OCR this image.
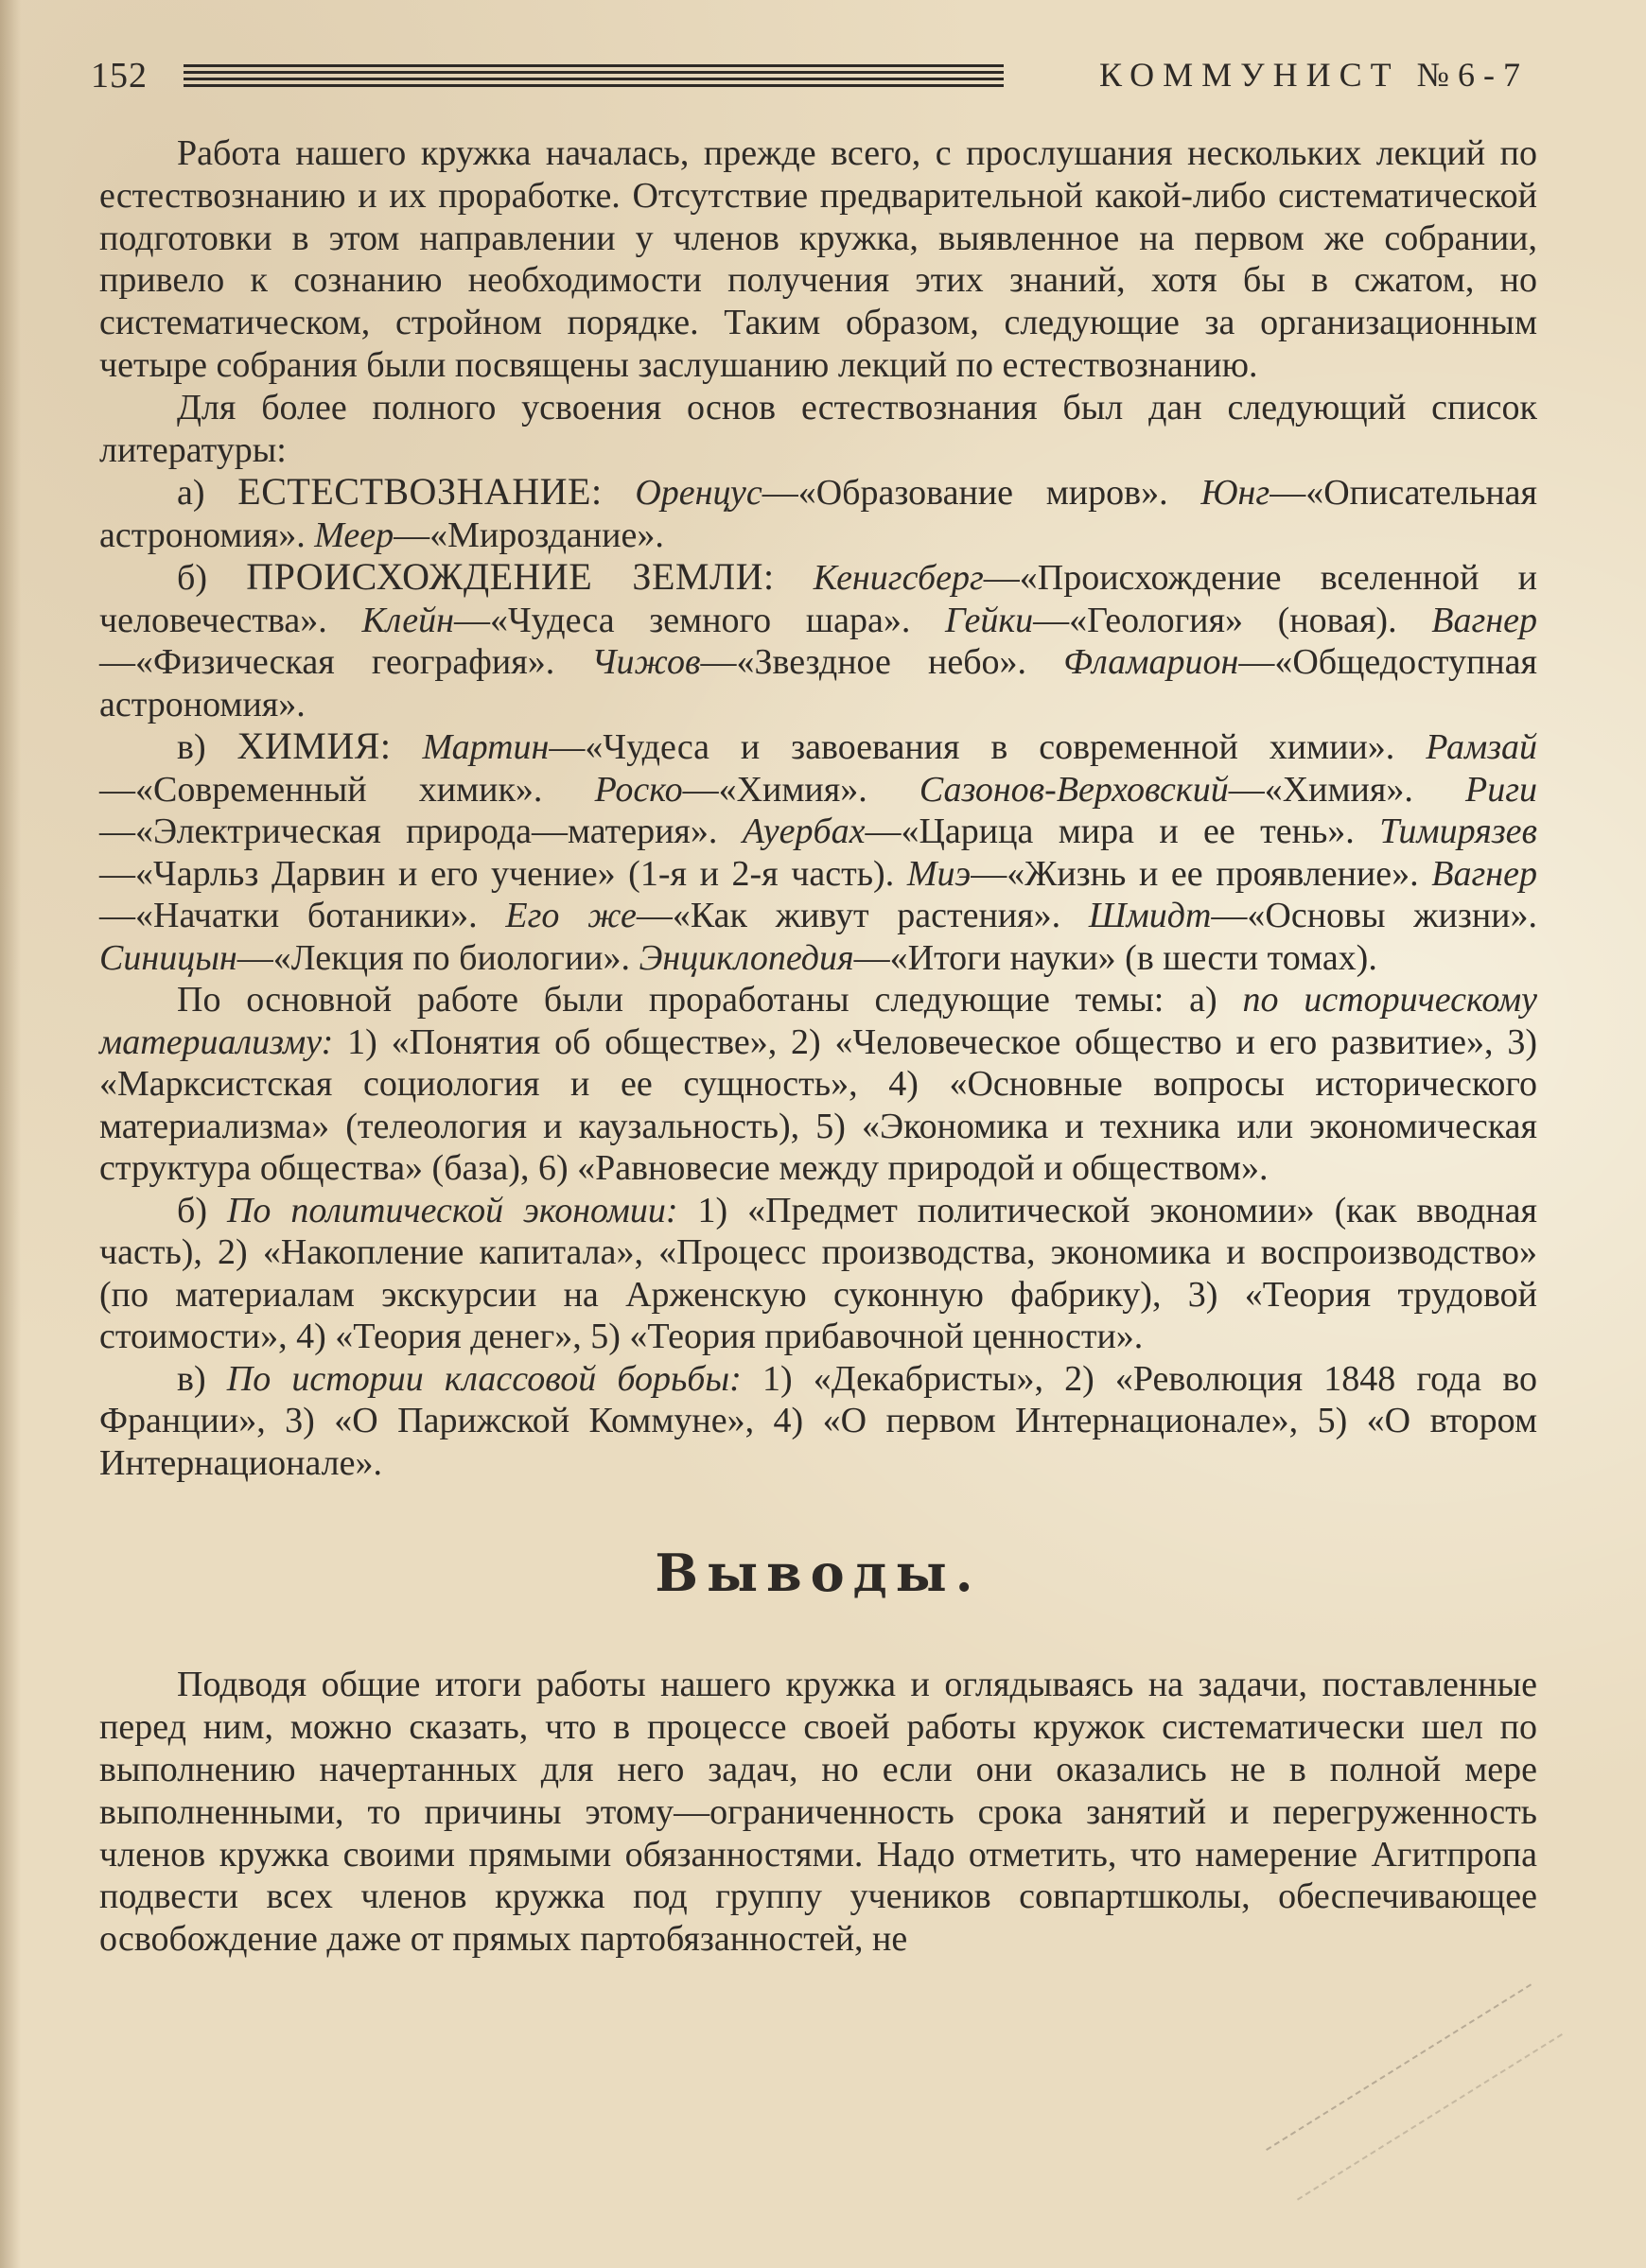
152	КОММУНИСТ №6-7

Работа нашего кружка началась, прежде всего, с прослушания нескольких лекций по естествознанию и их проработке. Отсутствие предварительной какой-либо систематической подготовки в этом направлении у членов кружка, выявленное на первом же собрании, привело к сознанию необходимости получения этих знаний, хотя бы в сжатом, но систематическом, стройном порядке. Таким образом, следующие за организационным четыре собрания были посвящены заслушанию лекций по естествознанию.

Для более полного усвоения основ естествознания был дан следующий список литературы:

а) ЕСТЕСТВОЗНАНИЕ: Оренцус—«Образование миров». Юнг—«Описательная астрономия». Меер—«Мироздание».

б) ПРОИСХОЖДЕНИЕ ЗЕМЛИ: Кенигсберг—«Происхождение вселенной и человечества». Клейн—«Чудеса земного шара». Гейки—«Геология» (новая). Вагнер—«Физическая география». Чижов—«Звездное небо». Фламарион—«Общедоступная астрономия».

в) ХИМИЯ: Мартин—«Чудеса и завоевания в современной химии». Рамзай—«Современный химик». Роско—«Химия». Сазонов-Верховский—«Химия». Риги—«Электрическая природа—материя». Ауербах—«Царица мира и ее тень». Тимирязев—«Чарльз Дарвин и его учение» (1-я и 2-я часть). Миэ—«Жизнь и ее проявление». Вагнер—«Начатки ботаники». Его же—«Как живут растения». Шмидт—«Основы жизни». Синицын—«Лекция по биологии». Энциклопедия—«Итоги науки» (в шести томах).

По основной работе были проработаны следующие темы: а) по историческому материализму: 1) «Понятия об обществе», 2) «Человеческое общество и его развитие», 3) «Марксистская социология и ее сущность», 4) «Основные вопросы исторического материализма» (телеология и каузальность), 5) «Экономика и техника или экономическая структура общества» (база), 6) «Равновесие между природой и обществом».

б) По политической экономии: 1) «Предмет политической экономии» (как вводная часть), 2) «Накопление капитала», «Процесс производства, экономика и воспроизводство» (по материалам экскурсии на Арженскую суконную фабрику), 3) «Теория трудовой стоимости», 4) «Теория денег», 5) «Теория прибавочной ценности».

в) По истории классовой борьбы: 1) «Декабристы», 2) «Революция 1848 года во Франции», 3) «О Парижской Коммуне», 4) «О первом Интернационале», 5) «О втором Интернационале».

Выводы.

Подводя общие итоги работы нашего кружка и оглядываясь на задачи, поставленные перед ним, можно сказать, что в процессе своей работы кружок систематически шел по выполнению начертанных для него задач, но если они оказались не в полной мере выполненными, то причины этому—ограниченность срока занятий и перегруженность членов кружка своими прямыми обязанностями. Надо отметить, что намерение Агитпропа подвести всех членов кружка под группу учеников совпартшколы, обеспечивающее освобождение даже от прямых партобязанностей, не
